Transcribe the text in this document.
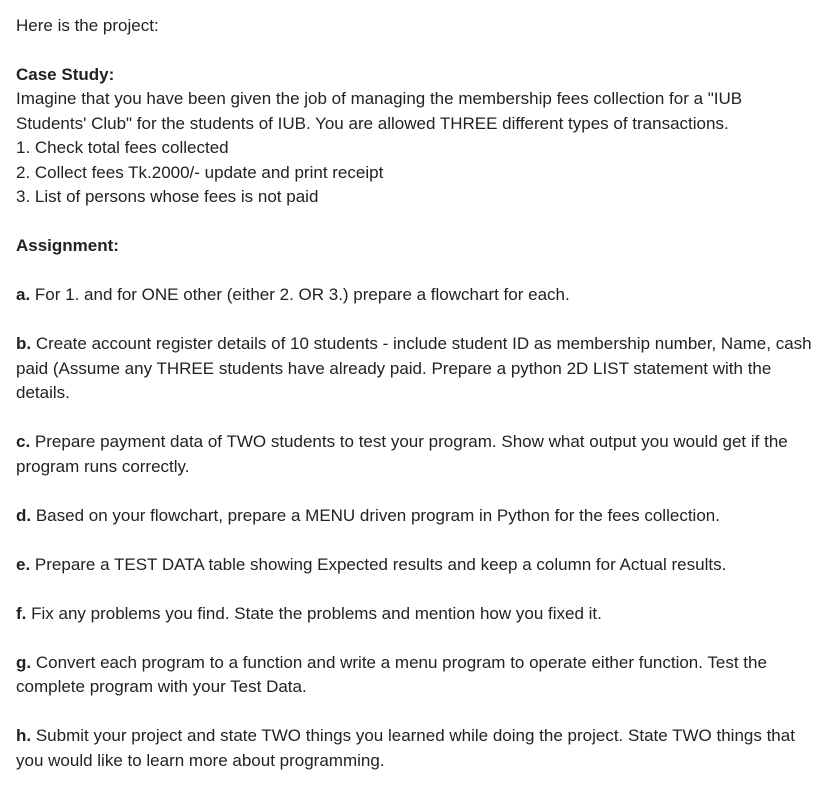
Here is the project:

Case Study:

Imagine that you have been given the job of managing the membership fees collection for a "IUB Students' Club" for the students of IUB. You are allowed THREE different types of transactions.

1. Check total fees collected

2. Collect fees Tk.2000/- update and print receipt

3. List of persons whose fees is not paid

Assignment:

a. For 1. and for ONE other (either 2. OR 3.) prepare a flowchart for each.

b. Create account register details of 10 students - include student ID as membership number, Name, cash paid (Assume any THREE students have already paid. Prepare a python 2D LIST statement with the details.

c. Prepare payment data of TWO students to test your program. Show what output you would get if the program runs correctly.

d. Based on your flowchart, prepare a MENU driven program in Python for the fees collection.

e. Prepare a TEST DATA table showing Expected results and keep a column for Actual results.

f. Fix any problems you find. State the problems and mention how you fixed it.

g. Convert each program to a function and write a menu program to operate either function. Test the complete program with your Test Data.

h. Submit your project and state TWO things you learned while doing the project. State TWO things that you would like to learn more about programming.
